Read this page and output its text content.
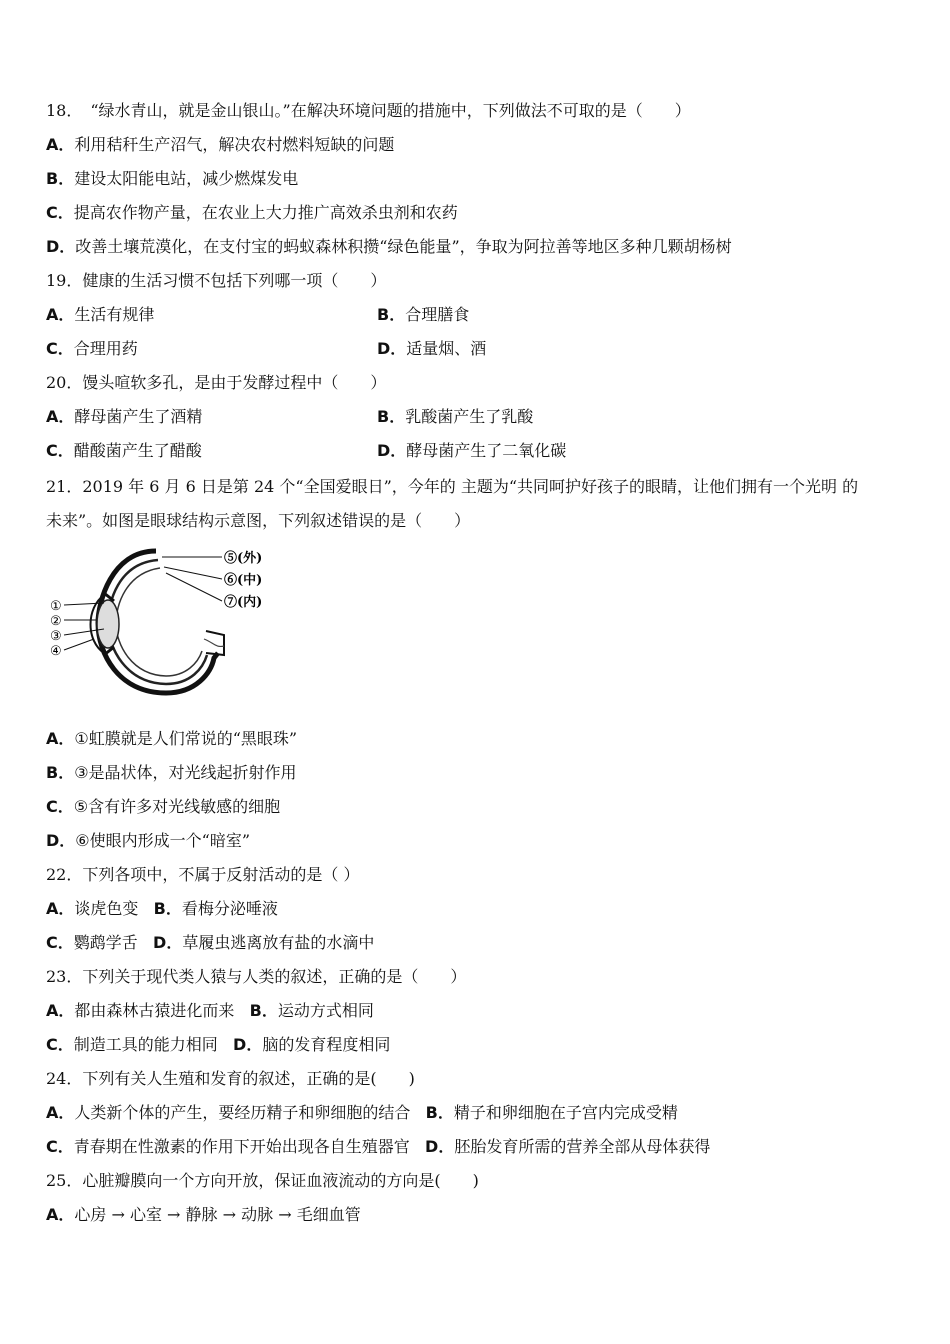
18．　“绿水青山，就是金山银山。”在解决环境问题的措施中，下列做法不可取的是（　　）
A．利用秸秆生产沼气，解决农村燃料短缺的问题
B．建设太阳能电站，减少燃煤发电
C．提高农作物产量，在农业上大力推广高效杀虫剂和农药
D．改善土壤荒漠化，在支付宝的蚂蚁森林积攒“绿色能量”，争取为阿拉善等地区多种几颗胡杨树
19．健康的生活习惯不包括下列哪一项（　　）
A．生活有规律	B．合理膳食
C．合理用药	D．适量烟、酒
20．馒头喧软多孔，是由于发酵过程中（　　）
A．酵母菌产生了酒精	B．乳酸菌产生了乳酸
C．醋酸菌产生了醋酸	D．酵母菌产生了二氧化碳
21．2019 年 6 月 6 日是第 24 个“全国爱眼日”，今年的 主题为“共同呵护好孩子的眼睛，让他们拥有一个光明 的
未来”。如图是眼球结构示意图，下列叙述错误的是（　　）
⑤(外)
⑥(中)
⑦(内)
①
②
③
④
A．①虹膜就是人们常说的“黑眼珠”
B．③是晶状体，对光线起折射作用
C．⑤含有许多对光线敏感的细胞
D．⑥使眼内形成一个“暗室”
22．下列各项中，不属于反射活动的是（ ）
A．谈虎色变 B．看梅分泌唾液
C．鹦鹉学舌 D．草履虫逃离放有盐的水滴中
23．下列关于现代类人猿与人类的叙述，正确的是（　　）
A．都由森林古猿进化而来 B．运动方式相同
C．制造工具的能力相同 D．脑的发育程度相同
24．下列有关人生殖和发育的叙述，正确的是(　　)
A．人类新个体的产生，要经历精子和卵细胞的结合 B．精子和卵细胞在子宫内完成受精
C．青春期在性激素的作用下开始出现各自生殖器官 D．胚胎发育所需的营养全部从母体获得
25．心脏瓣膜向一个方向开放，保证血液流动的方向是(　　)
A．心房 → 心室 → 静脉 → 动脉 → 毛细血管
